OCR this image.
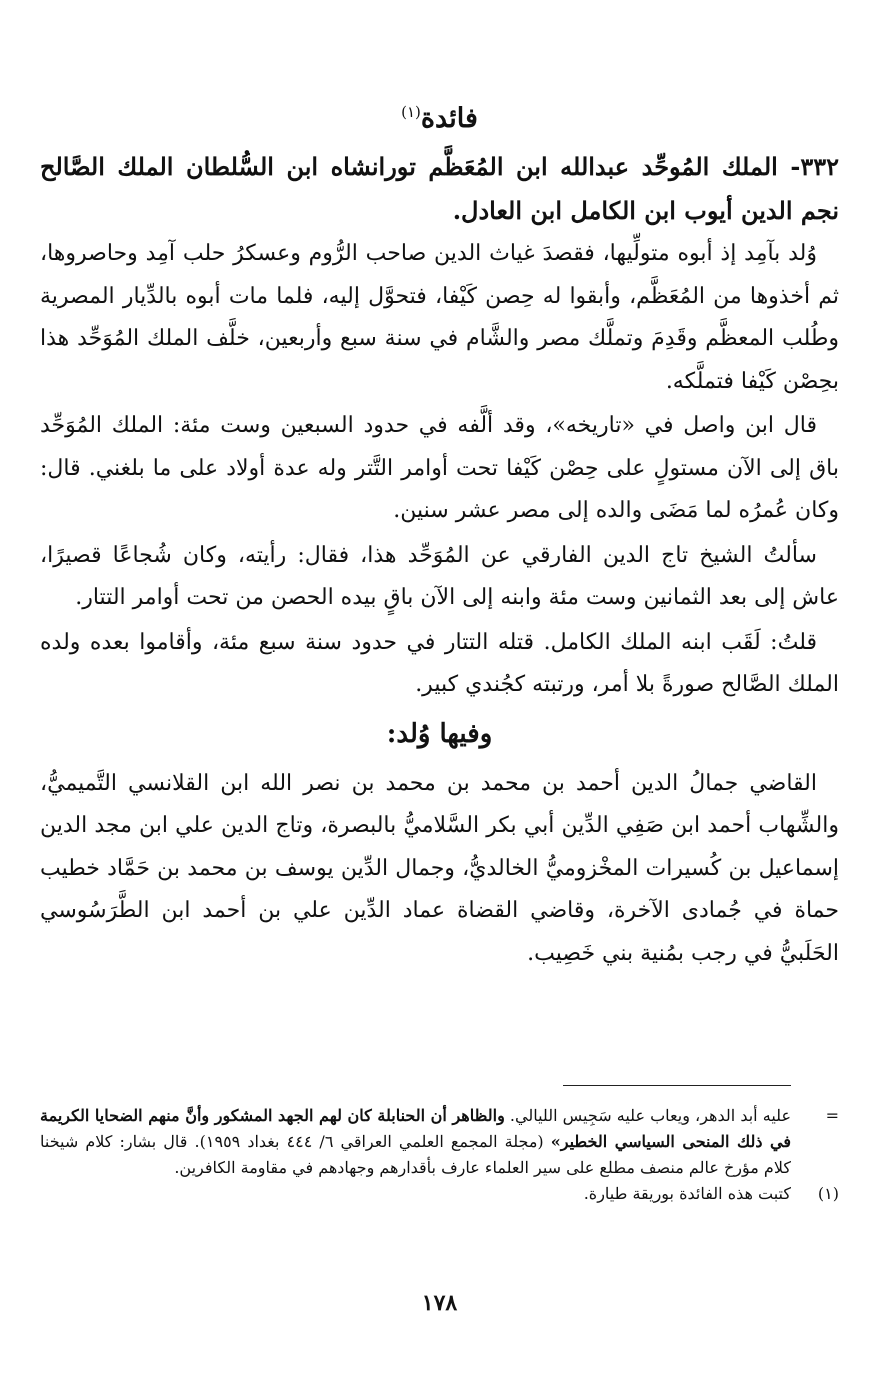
فائدة$^{(١)}$

٣٣٢- الملك المُوحِّد عبدالله ابن المُعَظَّم تورانشاه ابن السُّلطان الملك الصَّالح نجم الدين أيوب ابن الكامل ابن العادل.

وُلد بآمِد إذ أبوه متولِّيها، فقصدَ غياث الدين صاحب الرُّوم وعسكرُ حلب آمِد وحاصروها، ثم أخذوها من المُعَظَّم، وأبقوا له حِصن كَيْفا، فتحوَّل إليه، فلما مات أبوه بالدِّيار المصرية وطُلب المعظَّم وقَدِمَ وتملَّك مصر والشَّام في سنة سبع وأربعين، خلَّف الملك المُوَحِّد هذا بحِصْن كَيْفا فتملَّكه.

قال ابن واصل في «تاريخه»، وقد ألَّفه في حدود السبعين وست مئة: الملك المُوَحِّد باق إلى الآن مستولٍ على حِصْن كَيْفا تحت أوامر التَّتر وله عدة أولاد على ما بلغني. قال: وكان عُمرُه لما مَضَى والده إلى مصر عشر سنين.

سألتُ الشيخ تاج الدين الفارقي عن المُوَحِّد هذا، فقال: رأيته، وكان شُجاعًا قصيرًا، عاش إلى بعد الثمانين وست مئة وابنه إلى الآن باقٍ بيده الحصن من تحت أوامر التتار.

قلتُ: لَقَب ابنه الملك الكامل. قتله التتار في حدود سنة سبع مئة، وأقاموا بعده ولده الملك الصَّالح صورةً بلا أمر، ورتبته كجُندي كبير.

وفيها وُلد:

القاضي جمالُ الدين أحمد بن محمد بن محمد بن نصر الله ابن القلانسي التَّميميُّ، والشِّهاب أحمد ابن صَفِي الدِّين أبي بكر السَّلاميُّ بالبصرة، وتاج الدين علي ابن مجد الدين إسماعيل بن كُسيرات المخْزوميُّ الخالديُّ، وجمال الدِّين يوسف بن محمد بن حَمَّاد خطيب حماة في جُمادى الآخرة، وقاضي القضاة عماد الدِّين علي بن أحمد ابن الطَّرَسُوسي الحَلَبيُّ في رجب بمُنية بني خَصِيب.

=
عليه أبد الدهر، ويعاب عليه سَجِيس الليالي. والظاهر أن الحنابلة كان لهم الجهد المشكور وأنَّ منهم الضحايا الكريمة في ذلك المنحى السياسي الخطير» (مجلة المجمع العلمي العراقي ٦/ ٤٤٤ بغداد ١٩٥٩). قال بشار: كلام شيخنا كلام مؤرخ عالم منصف مطلع على سير العلماء عارف بأقدارهم وجهادهم في مقاومة الكافرين.
(١)
كتبت هذه الفائدة بوريقة طيارة.
١٧٨
